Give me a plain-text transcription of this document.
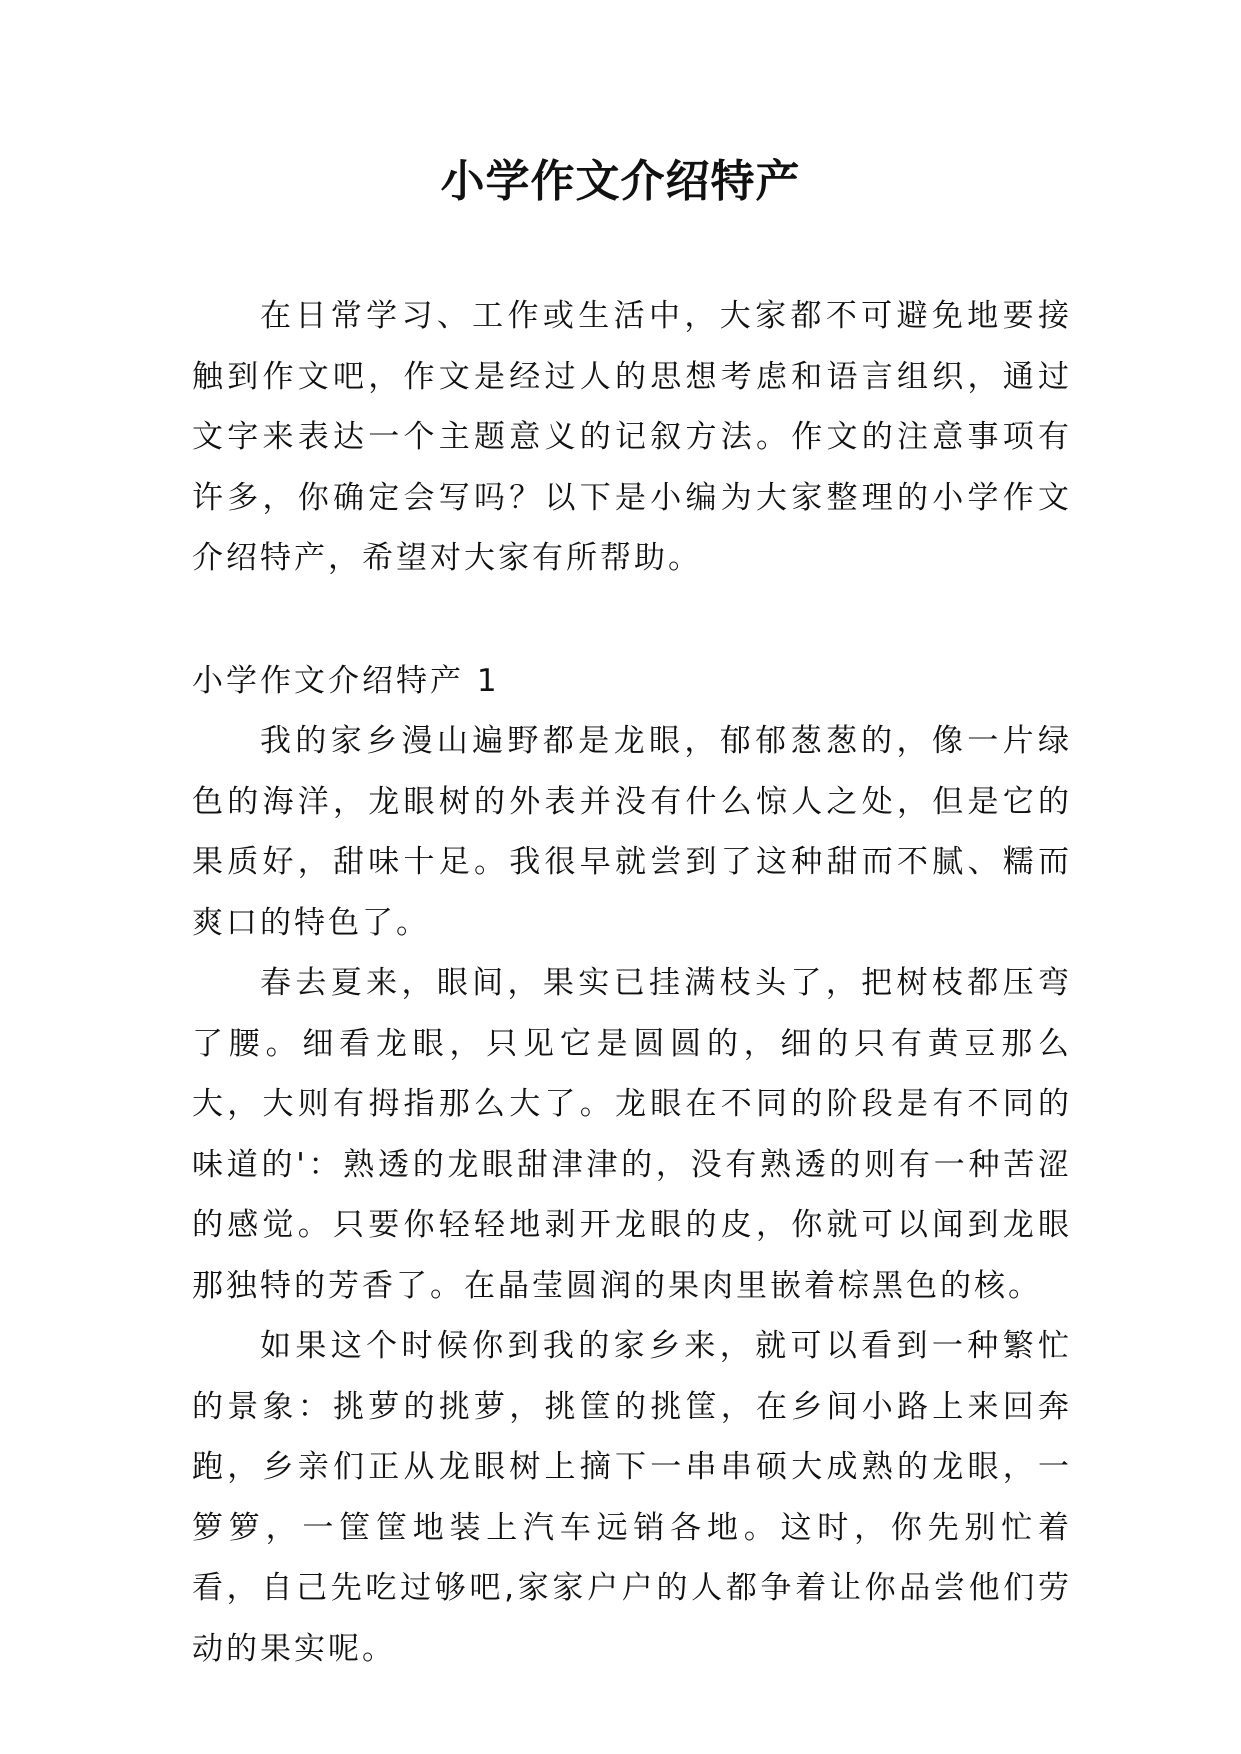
小学作文介绍特产

在日常学习、工作或生活中，大家都不可避免地要接触到作文吧，作文是经过人的思想考虑和语言组织，通过文字来表达一个主题意义的记叙方法。作文的注意事项有许多，你确定会写吗？以下是小编为大家整理的小学作文介绍特产，希望对大家有所帮助。

小学作文介绍特产 1

我的家乡漫山遍野都是龙眼，郁郁葱葱的，像一片绿色的海洋，龙眼树的外表并没有什么惊人之处，但是它的果质好，甜味十足。我很早就尝到了这种甜而不腻、糯而爽口的特色了。

春去夏来，眼间，果实已挂满枝头了，把树枝都压弯了腰。细看龙眼，只见它是圆圆的，细的只有黄豆那么大，大则有拇指那么大了。龙眼在不同的阶段是有不同的味道的'：熟透的龙眼甜津津的，没有熟透的则有一种苦涩的感觉。只要你轻轻地剥开龙眼的皮，你就可以闻到龙眼那独特的芳香了。在晶莹圆润的果肉里嵌着棕黑色的核。

如果这个时候你到我的家乡来，就可以看到一种繁忙的景象：挑萝的挑萝，挑筐的挑筐，在乡间小路上来回奔跑，乡亲们正从龙眼树上摘下一串串硕大成熟的龙眼，一箩箩，一筐筐地装上汽车远销各地。这时，你先别忙着看，自己先吃过够吧,家家户户的人都争着让你品尝他们劳动的果实呢。
